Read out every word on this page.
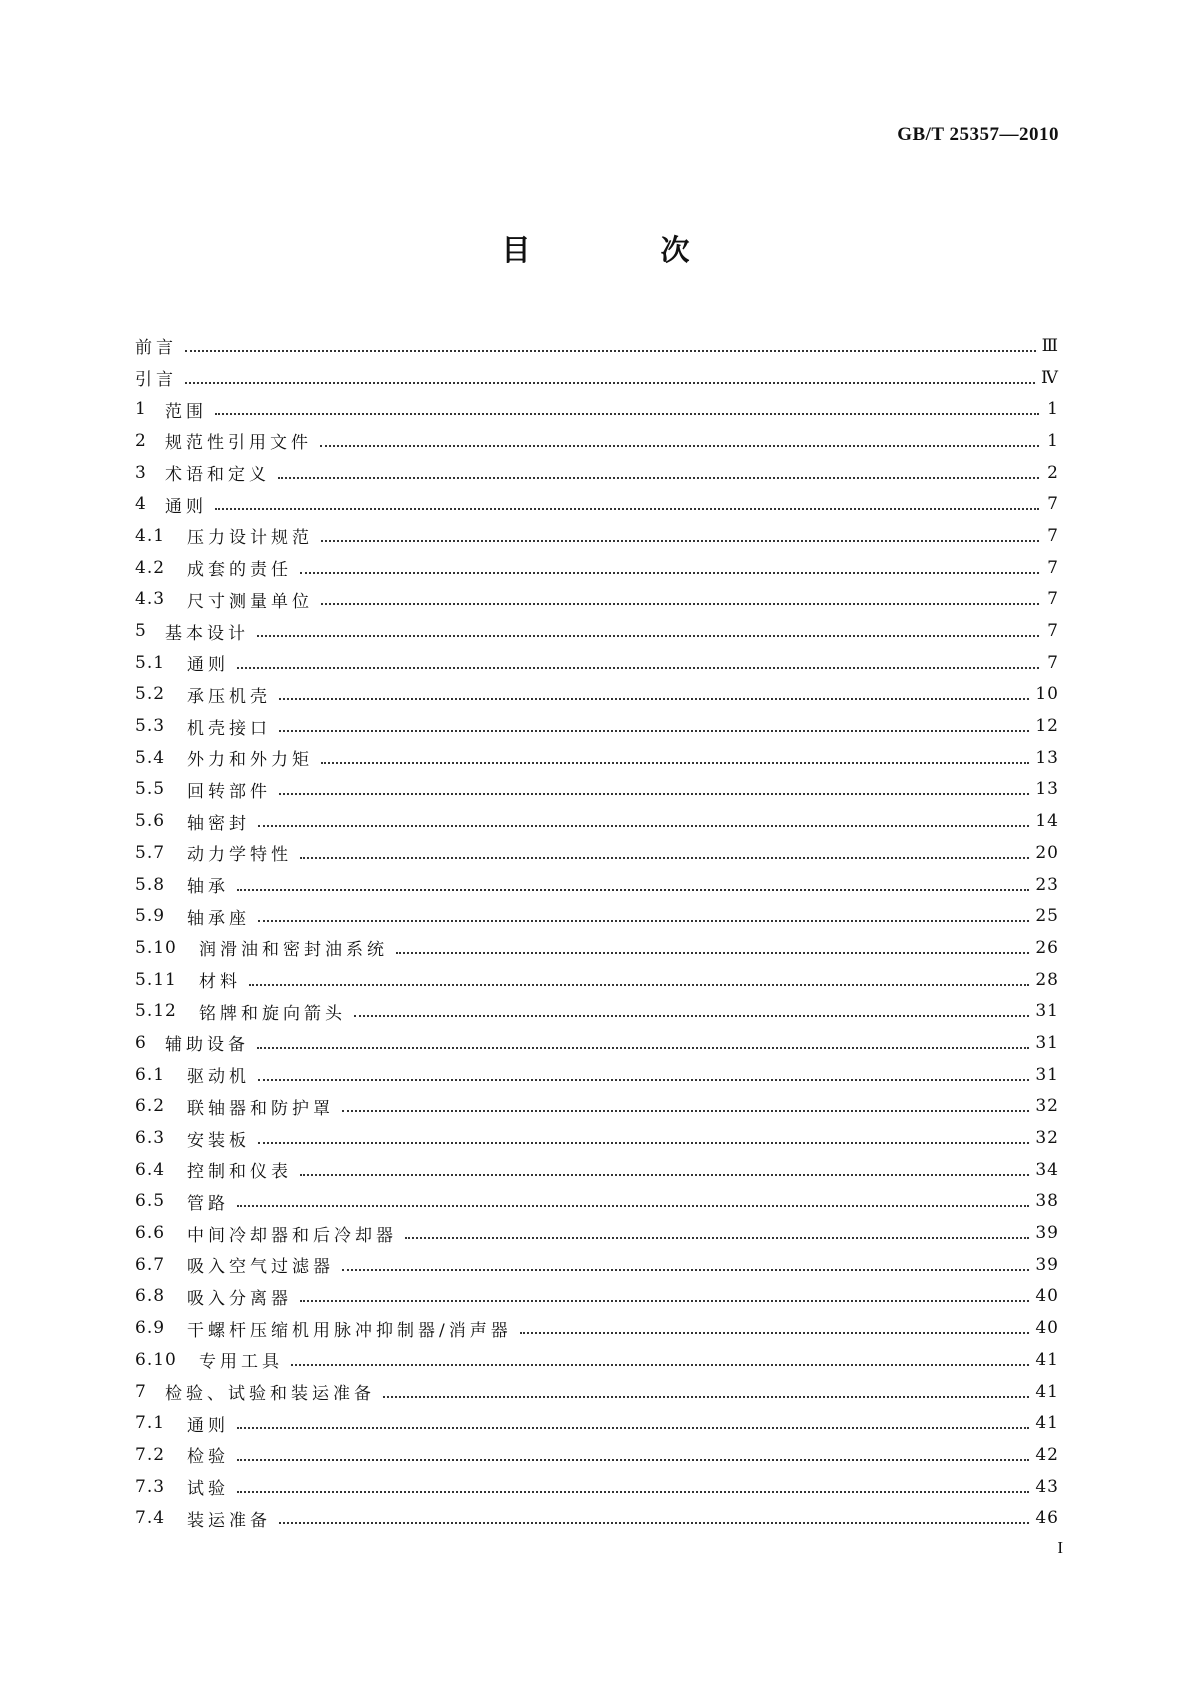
GB/T 25357—2010
目 次
前言	Ⅲ
引言	Ⅳ
1	范围	1
2	规范性引用文件	1
3	术语和定义	2
4	通则	7
4.1	压力设计规范	7
4.2	成套的责任	7
4.3	尺寸测量单位	7
5	基本设计	7
5.1	通则	7
5.2	承压机壳	10
5.3	机壳接口	12
5.4	外力和外力矩	13
5.5	回转部件	13
5.6	轴密封	14
5.7	动力学特性	20
5.8	轴承	23
5.9	轴承座	25
5.10	润滑油和密封油系统	26
5.11	材料	28
5.12	铭牌和旋向箭头	31
6	辅助设备	31
6.1	驱动机	31
6.2	联轴器和防护罩	32
6.3	安装板	32
6.4	控制和仪表	34
6.5	管路	38
6.6	中间冷却器和后冷却器	39
6.7	吸入空气过滤器	39
6.8	吸入分离器	40
6.9	干螺杆压缩机用脉冲抑制器/消声器	40
6.10	专用工具	41
7	检验、试验和装运准备	41
7.1	通则	41
7.2	检验	42
7.3	试验	43
7.4	装运准备	46
I
